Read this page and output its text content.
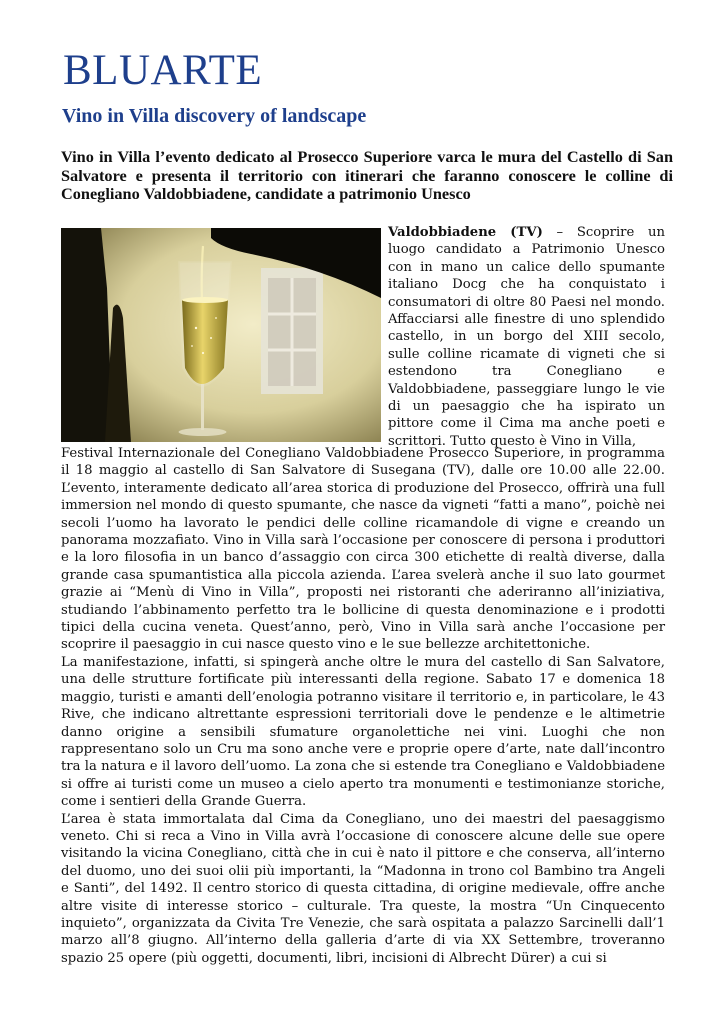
BLUARTE
Vino in Villa discovery of landscape
Vino in Villa l’evento dedicato al Prosecco Superiore varca le mura del Castello di San Salvatore e presenta il territorio con itinerari che faranno conoscere le colline di Conegliano Valdobbiadene, candidate a patrimonio Unesco

Valdobbiadene (TV) – Scoprire un luogo candidato a Patrimonio Unesco con in mano un calice dello spumante italiano Docg che ha conquistato i consumatori di oltre 80 Paesi nel mondo. Affacciarsi alle finestre di uno splendido castello, in un borgo del XIII secolo, sulle colline ricamate di vigneti che si estendono tra Conegliano e Valdobbiadene, passeggiare lungo le vie di un paesaggio che ha ispirato un pittore come il Cima ma anche poeti e scrittori. Tutto questo è Vino in Villa,

Festival Internazionale del Conegliano Valdobbiadene Prosecco Superiore, in programma il 18 maggio al castello di San Salvatore di Susegana (TV), dalle ore 10.00 alle 22.00. L’evento, interamente dedicato all’area storica di produzione del Prosecco, offrirà una full immersion nel mondo di questo spumante, che nasce da vigneti “fatti a mano”, poichè nei secoli l’uomo ha lavorato le pendici delle colline ricamandole di vigne e creando un panorama mozzafiato. Vino in Villa sarà l’occasione per conoscere di persona i produttori e la loro filosofia in un banco d’assaggio con circa 300 etichette di realtà diverse, dalla grande casa spumantistica alla piccola azienda. L’area svelerà anche il suo lato gourmet grazie ai “Menù di Vino in Villa”, proposti nei ristoranti che aderiranno all’iniziativa, studiando l’abbinamento perfetto tra le bollicine di questa denominazione e i prodotti tipici della cucina veneta. Quest’anno, però, Vino in Villa sarà anche l’occasione per scoprire il paesaggio in cui nasce questo vino e le sue bellezze architettoniche.

La manifestazione, infatti, si spingerà anche oltre le mura del castello di San Salvatore, una delle strutture fortificate più interessanti della regione. Sabato 17 e domenica 18 maggio, turisti e amanti dell’enologia potranno visitare il territorio e, in particolare, le 43 Rive, che indicano altrettante espressioni territoriali dove le pendenze e le altimetrie danno origine a sensibili sfumature organolettiche nei vini. Luoghi che non rappresentano solo un Cru ma sono anche vere e proprie opere d’arte, nate dall’incontro tra la natura e il lavoro dell’uomo. La zona che si estende tra Conegliano e Valdobbiadene si offre ai turisti come un museo a cielo aperto tra monumenti e testimonianze storiche, come i sentieri della Grande Guerra.

L’area è stata immortalata dal Cima da Conegliano, uno dei maestri del paesaggismo veneto. Chi si reca a Vino in Villa avrà l’occasione di conoscere alcune delle sue opere visitando la vicina Conegliano, città che in cui è nato il pittore e che conserva, all’interno del duomo, uno dei suoi olii più importanti, la “Madonna in trono col Bambino tra Angeli e Santi”, del 1492. Il centro storico di questa cittadina, di origine medievale, offre anche altre visite di interesse storico – culturale. Tra queste, la mostra “Un Cinquecento inquieto”, organizzata da Civita Tre Venezie, che sarà ospitata a palazzo Sarcinelli dall’1 marzo all’8 giugno. All’interno della galleria d’arte di via XX Settembre, troveranno spazio 25 opere (più oggetti, documenti, libri, incisioni di Albrecht Dürer) a cui si
